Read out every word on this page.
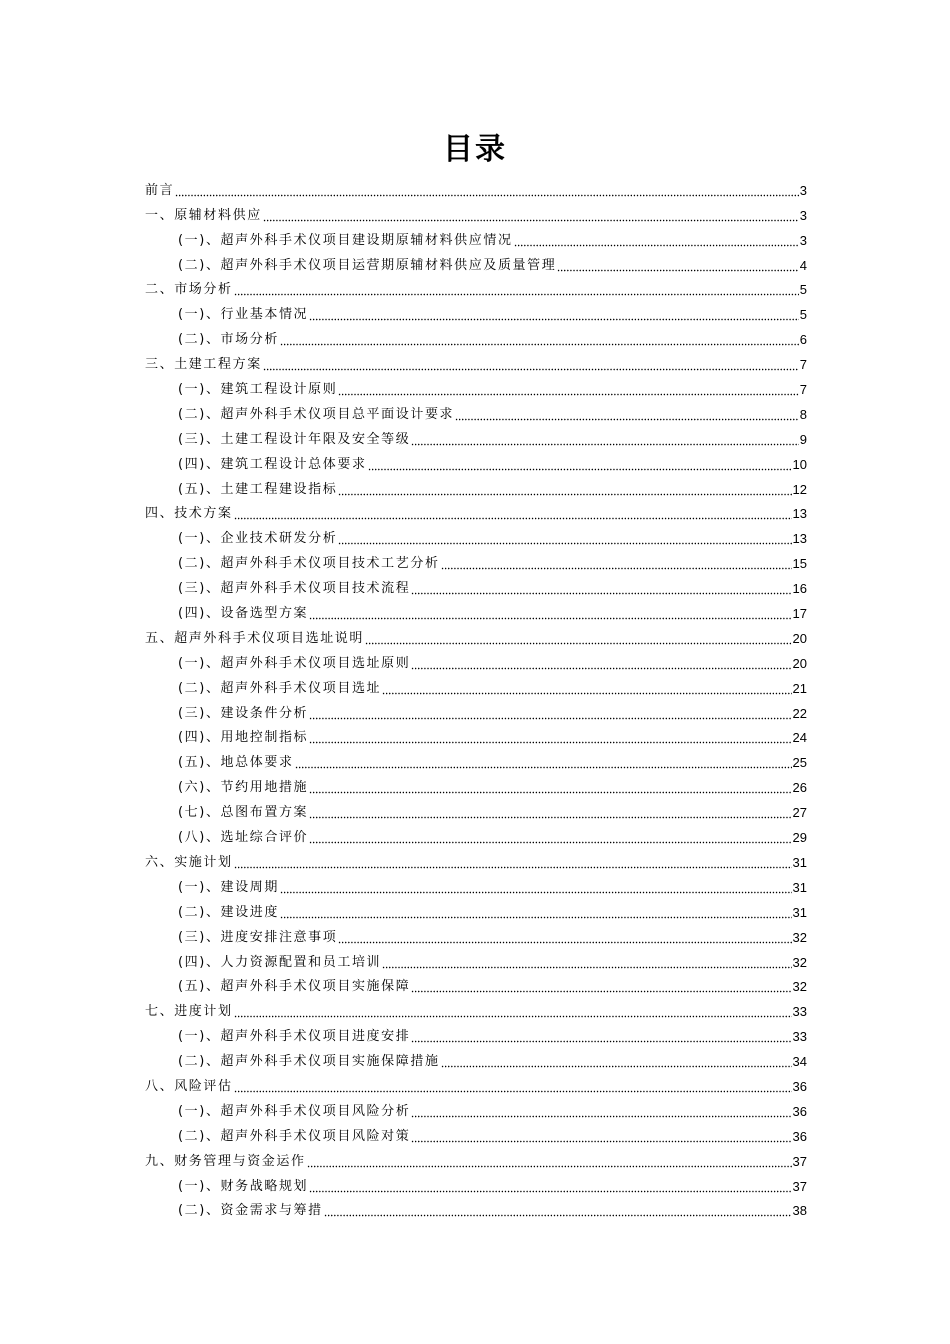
目录
前言	3
一、原辅材料供应	3
(一)、超声外科手术仪项目建设期原辅材料供应情况	3
(二)、超声外科手术仪项目运营期原辅材料供应及质量管理	4
二、市场分析	5
(一)、行业基本情况	5
(二)、市场分析	6
三、土建工程方案	7
(一)、建筑工程设计原则	7
(二)、超声外科手术仪项目总平面设计要求	8
(三)、土建工程设计年限及安全等级	9
(四)、建筑工程设计总体要求	10
(五)、土建工程建设指标	12
四、技术方案	13
(一)、企业技术研发分析	13
(二)、超声外科手术仪项目技术工艺分析	15
(三)、超声外科手术仪项目技术流程	16
(四)、设备选型方案	17
五、超声外科手术仪项目选址说明	20
(一)、超声外科手术仪项目选址原则	20
(二)、超声外科手术仪项目选址	21
(三)、建设条件分析	22
(四)、用地控制指标	24
(五)、地总体要求	25
(六)、节约用地措施	26
(七)、总图布置方案	27
(八)、选址综合评价	29
六、实施计划	31
(一)、建设周期	31
(二)、建设进度	31
(三)、进度安排注意事项	32
(四)、人力资源配置和员工培训	32
(五)、超声外科手术仪项目实施保障	32
七、进度计划	33
(一)、超声外科手术仪项目进度安排	33
(二)、超声外科手术仪项目实施保障措施	34
八、风险评估	36
(一)、超声外科手术仪项目风险分析	36
(二)、超声外科手术仪项目风险对策	36
九、财务管理与资金运作	37
(一)、财务战略规划	37
(二)、资金需求与筹措	38
